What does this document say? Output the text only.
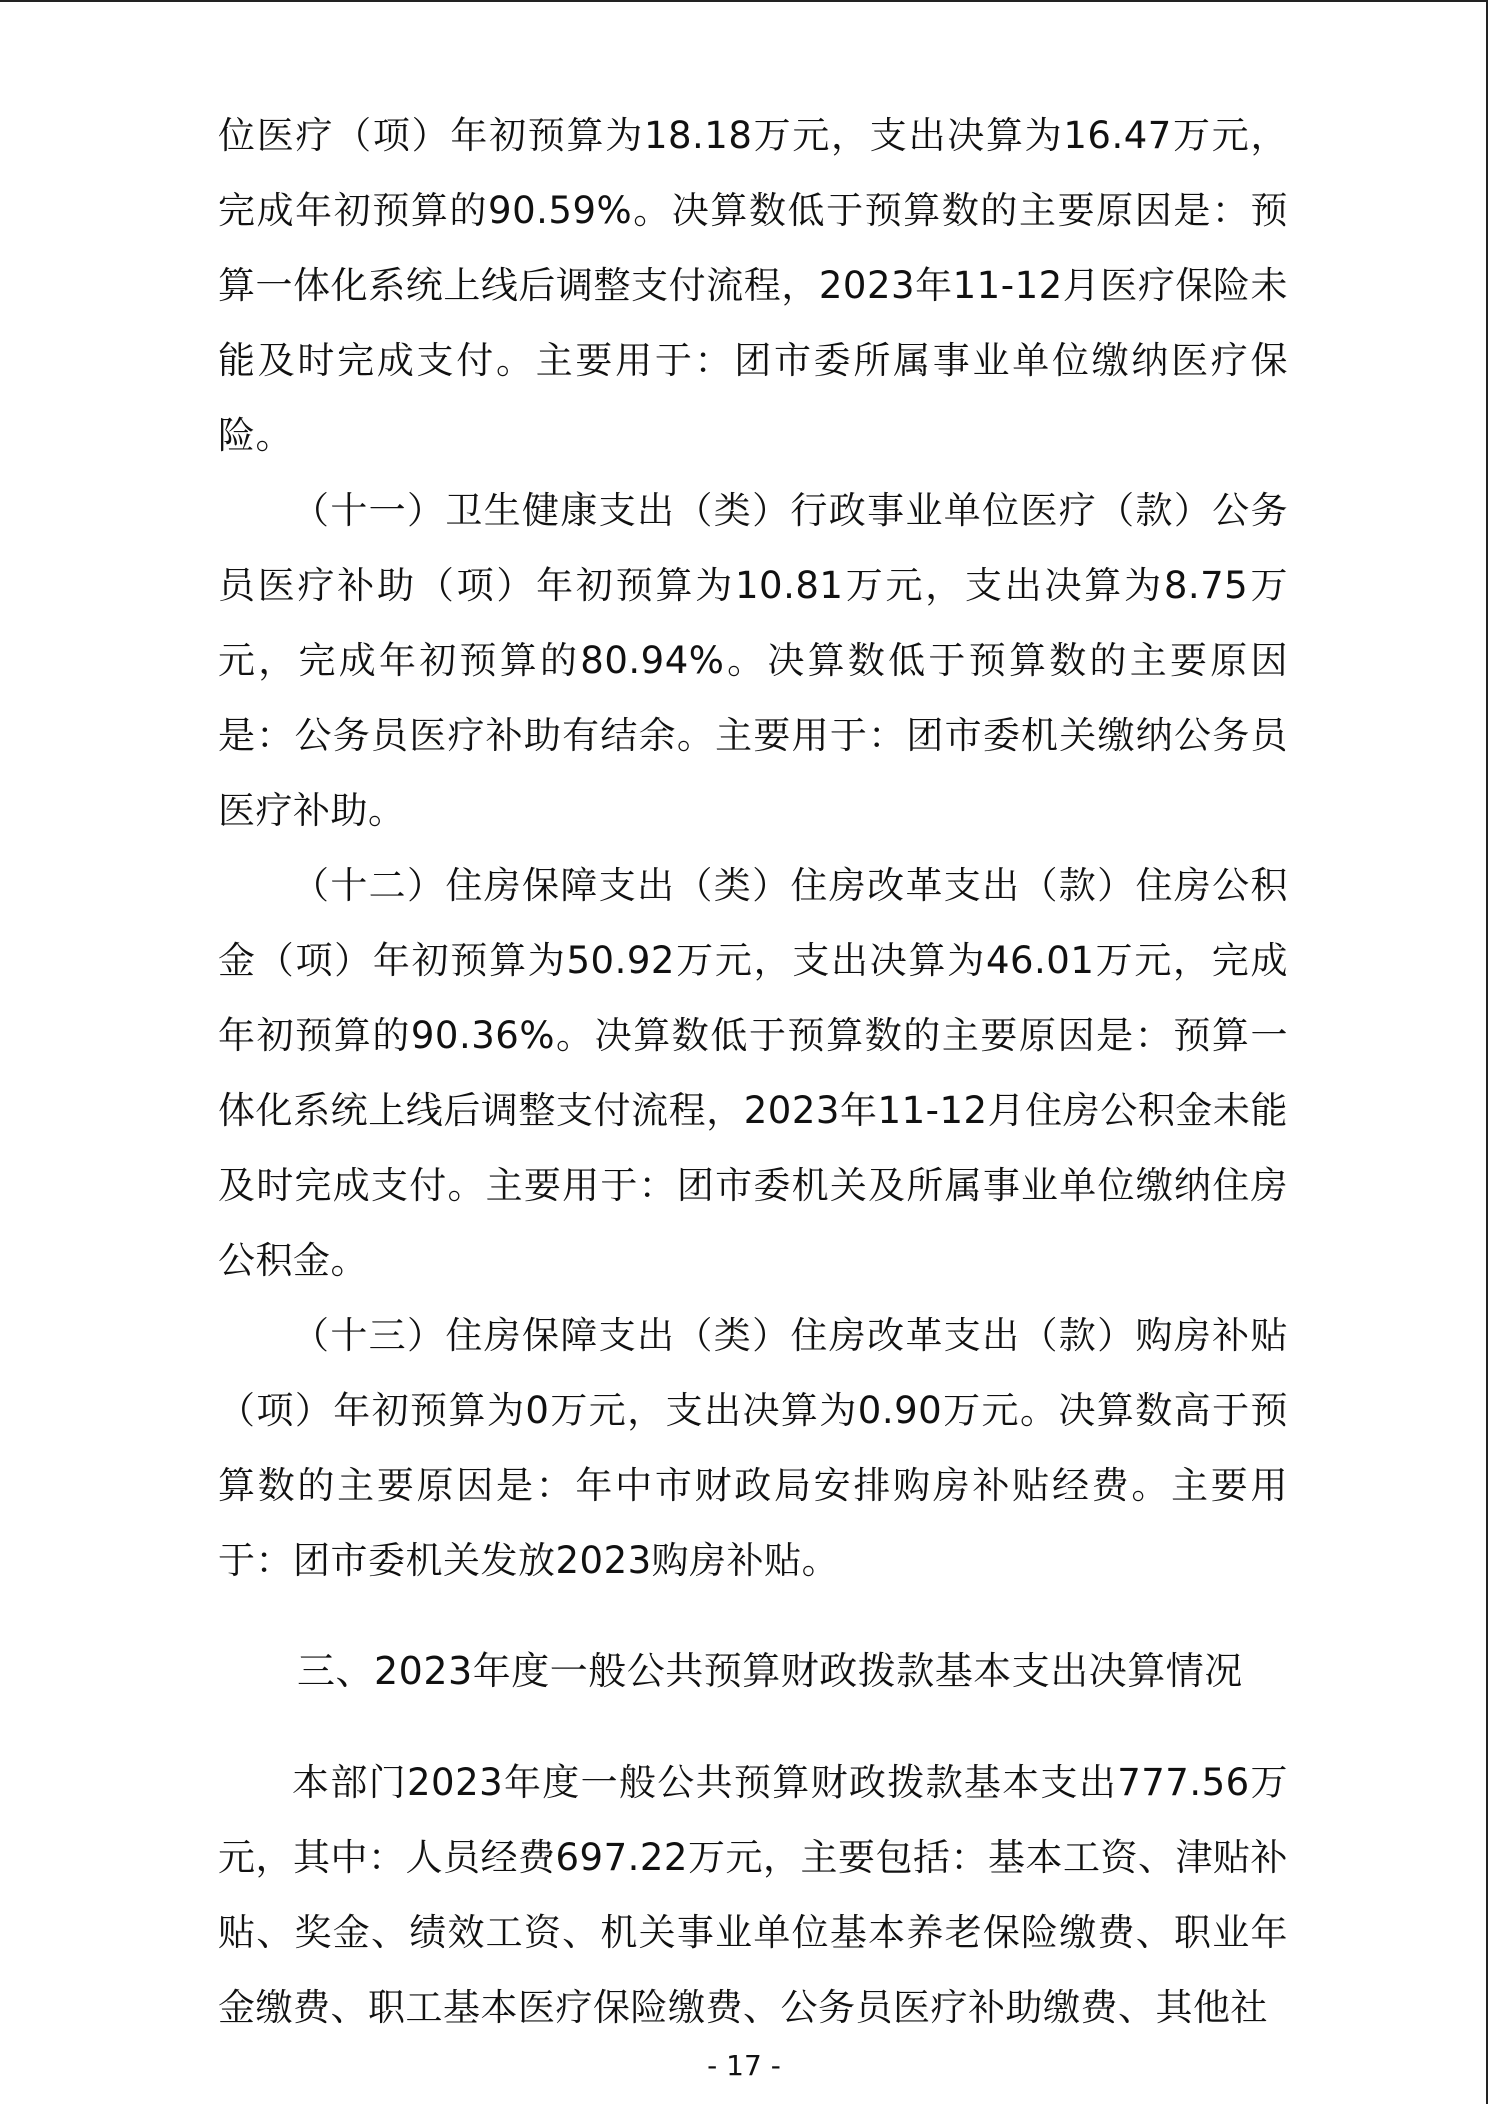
位医疗（项）年初预算为18.18万元，支出决算为16.47万元，完成年初预算的90.59%。决算数低于预算数的主要原因是：预算一体化系统上线后调整支付流程，2023年11-12月医疗保险未能及时完成支付。主要用于：团市委所属事业单位缴纳医疗保险。

（十一）卫生健康支出（类）行政事业单位医疗（款）公务员医疗补助（项）年初预算为10.81万元，支出决算为8.75万元，完成年初预算的80.94%。决算数低于预算数的主要原因是：公务员医疗补助有结余。主要用于：团市委机关缴纳公务员医疗补助。

（十二）住房保障支出（类）住房改革支出（款）住房公积金（项）年初预算为50.92万元，支出决算为46.01万元，完成年初预算的90.36%。决算数低于预算数的主要原因是：预算一体化系统上线后调整支付流程，2023年11-12月住房公积金未能及时完成支付。主要用于：团市委机关及所属事业单位缴纳住房公积金。

（十三）住房保障支出（类）住房改革支出（款）购房补贴（项）年初预算为0万元，支出决算为0.90万元。决算数高于预算数的主要原因是：年中市财政局安排购房补贴经费。主要用于：团市委机关发放2023购房补贴。

三、2023年度一般公共预算财政拨款基本支出决算情况

本部门2023年度一般公共预算财政拨款基本支出777.56万元，其中：人员经费697.22万元，主要包括：基本工资、津贴补贴、奖金、绩效工资、机关事业单位基本养老保险缴费、职业年金缴费、职工基本医疗保险缴费、公务员医疗补助缴费、其他社

- 17 -
